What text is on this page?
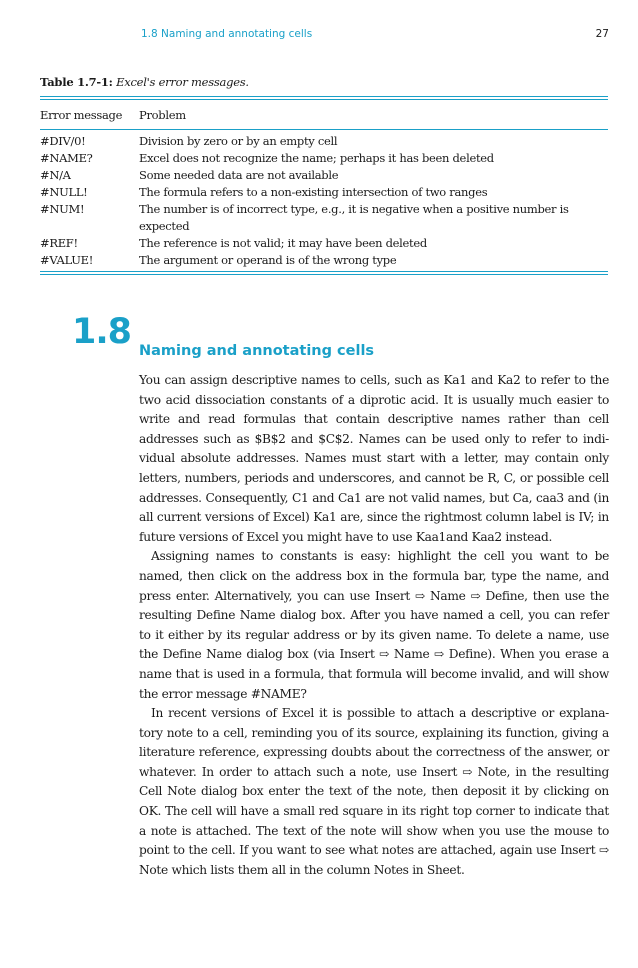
1.8 Naming and annotating cells	27
Table 1.7-1: Excel's error messages.
Error message	Problem
#DIV/0!	Division by zero or by an empty cell
#NAME?	Excel does not recognize the name; perhaps it has been deleted
#N/A	Some needed data are not available
#NULL!	The formula refers to a non-existing intersection of two ranges
#NUM!	The number is of incorrect type, e.g., it is negative when a positive number is expected
#REF!	The reference is not valid; it may have been deleted
#VALUE!	The argument or operand is of the wrong type
1.8 Naming and annotating cells

You can assign descriptive names to cells, such as Ka1 and Ka2 to refer to the two acid dissociation constants of a diprotic acid. It is usually much easier to write and read formulas that contain descriptive names rather than cell addresses such as $B$2 and $C$2. Names can be used only to refer to indi-vidual absolute addresses. Names must start with a letter, may contain only letters, numbers, periods and underscores, and cannot be R, C, or possible cell addresses. Consequently, C1 and Ca1 are not valid names, but Ca, caa3 and (in all current versions of Excel) Ka1 are, since the rightmost column label is IV; in future versions of Excel you might have to use Kaa1and Kaa2 instead.

Assigning names to constants is easy: highlight the cell you want to be named, then click on the address box in the formula bar, type the name, and press enter. Alternatively, you can use Insert ⇨ Name ⇨ Define, then use the resulting Define Name dialog box. After you have named a cell, you can refer to it either by its regular address or by its given name. To delete a name, use the Define Name dialog box (via Insert ⇨ Name ⇨ Define). When you erase a name that is used in a formula, that formula will become invalid, and will show the error message #NAME?

In recent versions of Excel it is possible to attach a descriptive or explana-tory note to a cell, reminding you of its source, explaining its function, giving a literature reference, expressing doubts about the correctness of the answer, or whatever. In order to attach such a note, use Insert ⇨ Note, in the resulting Cell Note dialog box enter the text of the note, then deposit it by clicking on OK. The cell will have a small red square in its right top corner to indicate that a note is attached. The text of the note will show when you use the mouse to point to the cell. If you want to see what notes are attached, again use Insert ⇨ Note which lists them all in the column Notes in Sheet.
